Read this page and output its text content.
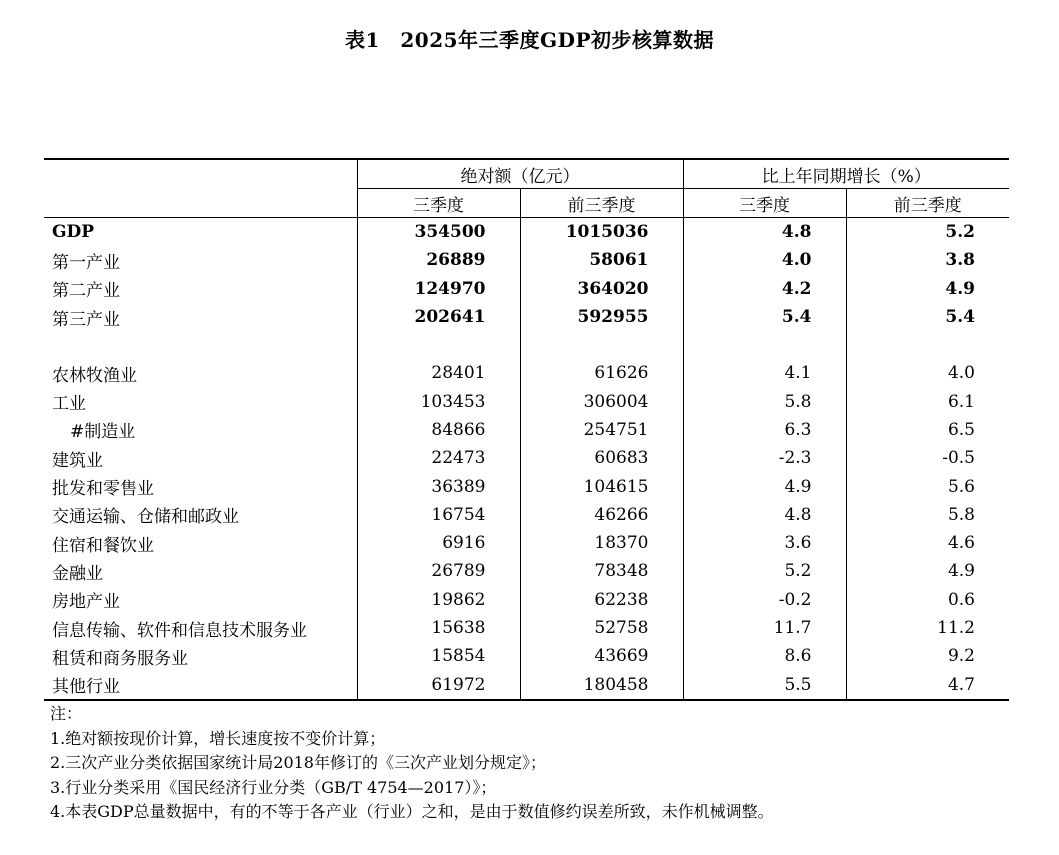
表1　2025年三季度GDP初步核算数据
	绝对额（亿元）		比上年同期增长（%）	
	三季度	前三季度	三季度	前三季度
GDP	354500	1015036	4.8	5.2
第一产业	26889	58061	4.0	3.8
第二产业	124970	364020	4.2	4.9
第三产业	202641	592955	5.4	5.4

农林牧渔业	28401	61626	4.1	4.0
工业	103453	306004	5.8	6.1
#制造业	84866	254751	6.3	6.5
建筑业	22473	60683	-2.3	-0.5
批发和零售业	36389	104615	4.9	5.6
交通运输、仓储和邮政业	16754	46266	4.8	5.8
住宿和餐饮业	6916	18370	3.6	4.6
金融业	26789	78348	5.2	4.9
房地产业	19862	62238	-0.2	0.6
信息传输、软件和信息技术服务业	15638	52758	11.7	11.2
租赁和商务服务业	15854	43669	8.6	9.2
其他行业	61972	180458	5.5	4.7
注：
1.绝对额按现价计算，增长速度按不变价计算；
2.三次产业分类依据国家统计局2018年修订的《三次产业划分规定》；
3.行业分类采用《国民经济行业分类（GB/T 4754—2017）》；
4.本表GDP总量数据中，有的不等于各产业（行业）之和，是由于数值修约误差所致，未作机械调整。
